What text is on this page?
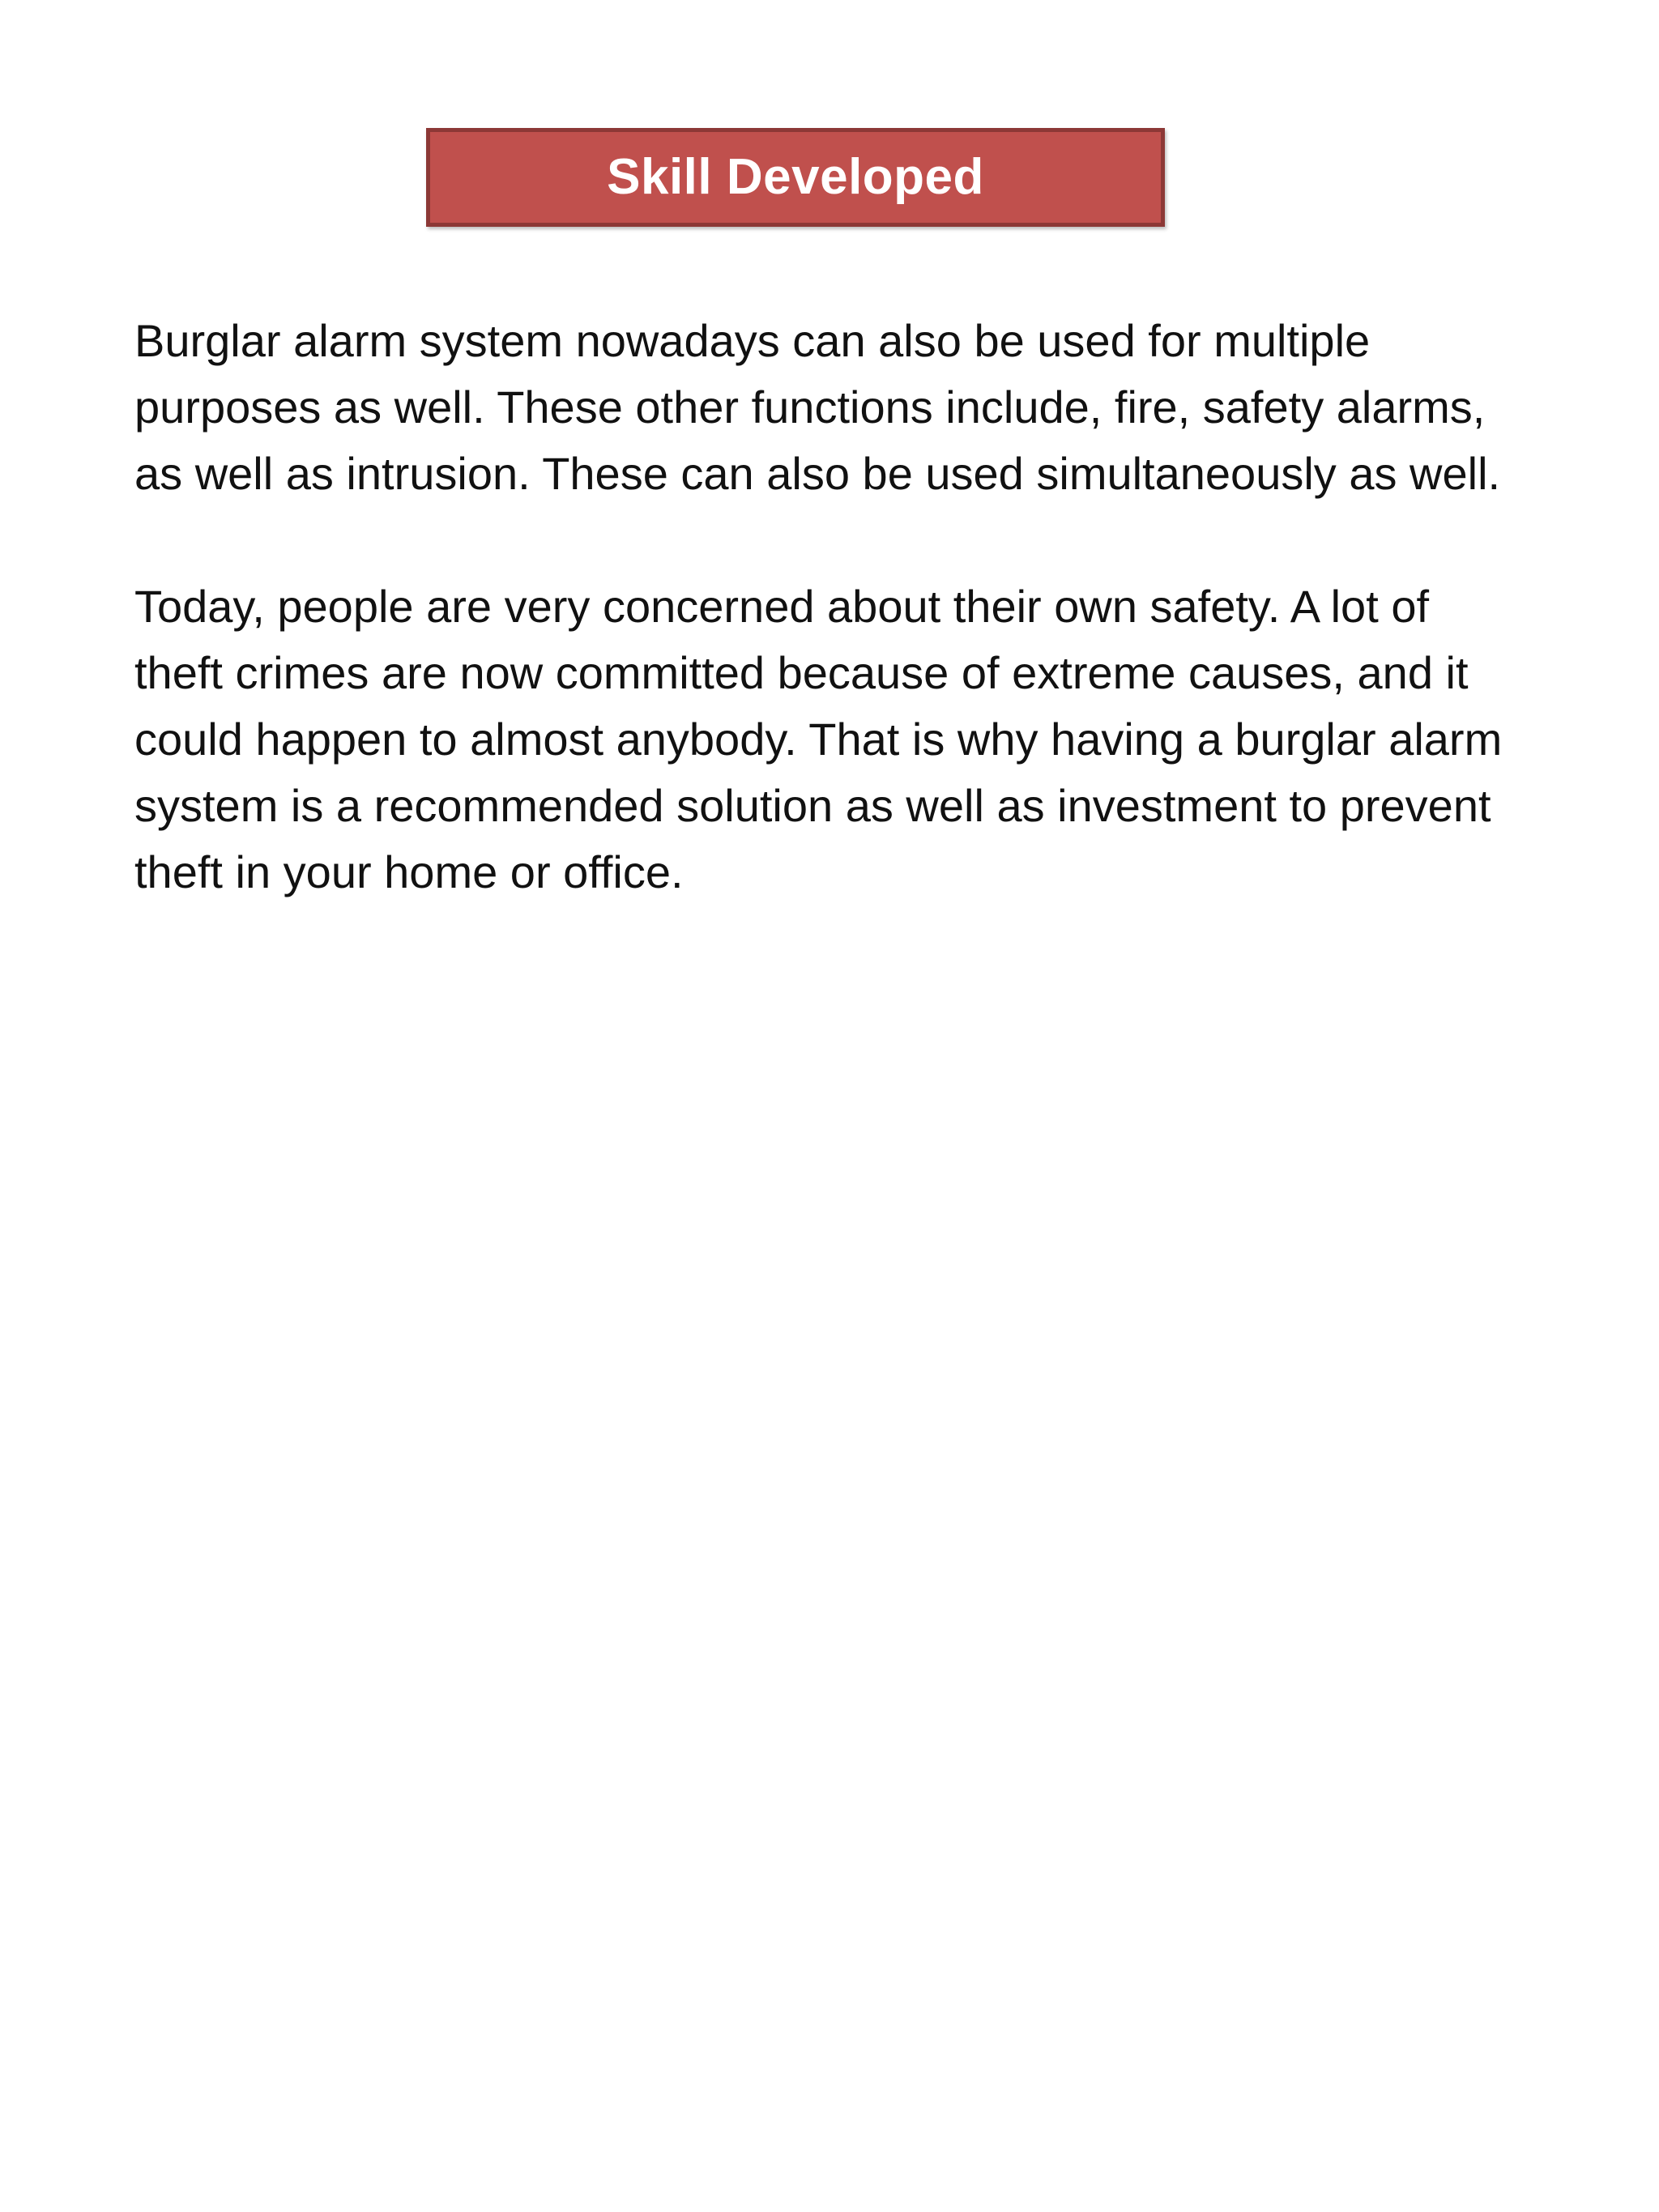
Skill Developed

Burglar alarm system nowadays can also be used for multiple purposes as well. These other functions include, fire, safety alarms, as well as intrusion. These can also be used simultaneously as well.

Today, people are very concerned about their own safety. A lot of theft crimes are now committed because of extreme causes, and it could happen to almost anybody. That is why having a burglar alarm system is a recommended solution as well as investment to prevent theft in your home or office.
